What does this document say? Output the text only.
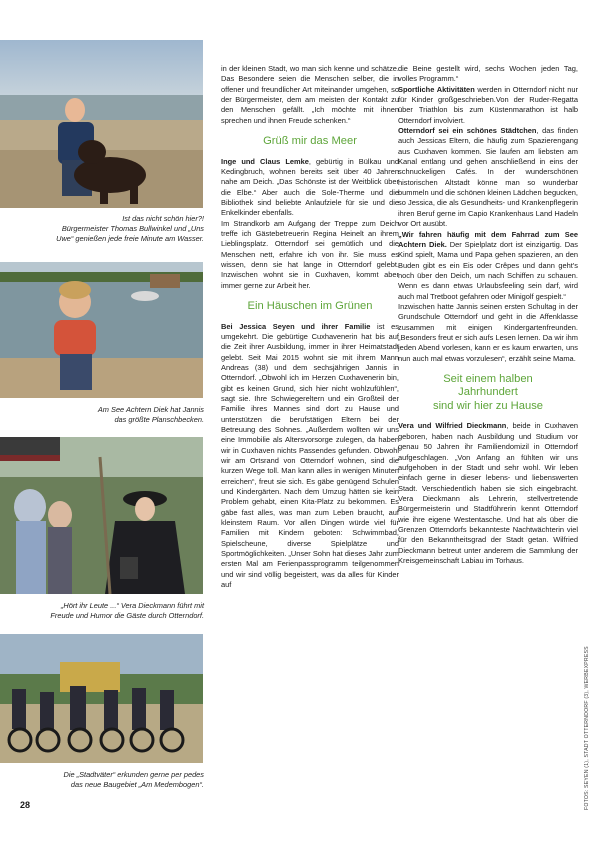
Ist das nicht schön hier?!
Bürgermeister Thomas Bullwinkel und „Uns
Uwe“ genießen jede freie Minute am Wasser.
Am See Achtern Diek hat Jannis
das größte Planschbecken.
„Hört ihr Leute ...“ Vera Dieckmann führt mit
Freude und Humor die Gäste durch Otterndorf.
Die „Stadtväter“ erkunden gerne per pedes
das neue Baugebiet „Am Medembogen“.

in der kleinen Stadt, wo man sich kenne und schätze. Das Besondere seien die Menschen selber, die in offener und freundlicher Art miteinander umgehen, so der Bürgermeister, dem am meisten der Kontakt zu den Menschen gefällt. „Ich möchte mit ihnen sprechen und ihnen Freude schenken.“

Grüß mir das Meer

Inge und Claus Lemke, gebürtig in Bülkau und Kedingbruch, wohnen bereits seit über 40 Jahren nahe am Deich. „Das Schönste ist der Weitblick über die Elbe.“ Aber auch die Sole-Therme und die Bibliothek sind beliebte Anlaufziele für sie und die Enkelkinder ebenfalls.

Im Strandkorb am Aufgang der Treppe zum Deich treffe ich Gästebetreuerin Regina Heinelt an ihrem Lieblingsplatz. Otterndorf sei gemütlich und die Menschen nett, erfahre ich von ihr. Sie muss es wissen, denn sie hat lange in Otterndorf gelebt. Inzwischen wohnt sie in Cuxhaven, kommt aber immer gerne zur Arbeit her.

Ein Häuschen im Grünen

Bei Jessica Seyen und ihrer Familie ist es umgekehrt. Die gebürtige Cuxhavenerin hat bis auf die Zeit ihrer Ausbildung, immer in ihrer Heimatstadt gelebt. Seit Mai 2015 wohnt sie mit ihrem Mann Andreas (38) und dem sechsjährigen Jannis in Otterndorf. „Obwohl ich im Herzen Cuxhavenerin bin, gibt es keinen Grund, sich hier nicht wohlzufühlen“, sagt sie. Ihre Schwiegereltern und ein Großteil der Familie ihres Mannes sind dort zu Hause und unterstützen die berufstätigen Eltern bei der Betreuung des Sohnes. „Außerdem wollten wir uns eine Immobilie als Altersvorsorge zulegen, da haben wir in Cuxhaven nichts Passendes gefunden. Obwohl wir am Ortsrand von Otterndorf wohnen, sind die kurzen Wege toll. Man kann alles in wenigen Minuten erreichen“, freut sie sich. Es gäbe genügend Schulen und Kindergärten. Nach dem Umzug hätten sie kein Problem gehabt, einen Kita-Platz zu bekommen. Es gäbe fast alles, was man zum Leben braucht, auf kleinstem Raum. Vor allen Dingen würde viel für Familien mit Kindern geboten: Schwimmbad, Spielscheune, diverse Spielplätze und Sportmöglichkeiten. „Unser Sohn hat dieses Jahr zum ersten Mal am Ferienpassprogramm teilgenommen und wir sind völlig begeistert, was da alles für Kinder auf

die Beine gestellt wird, sechs Wochen jeden Tag, volles Programm.“

Sportliche Aktivitäten werden in Otterndorf nicht nur für Kinder großgeschrieben.Von der Ruder-Regatta über Triathlon bis zum Küstenmarathon ist halb Otterndorf involviert.

Otterndorf sei ein schönes Städtchen, das finden auch Jessicas Eltern, die häufig zum Spazierengang aus Cuxhaven kommen. Sie laufen am liebsten am Kanal entlang und gehen anschließend in eins der schnuckeligen Cafés. In der wunderschönen historischen Altstadt könne man so wunderbar bummeln und die schönen kleinen Lädchen begucken, so Jessica, die als Gesundheits- und Krankenpflegerin ihren Beruf gerne im Capio Krankenhaus Land Hadeln vor Ort ausübt.

„Wir fahren häufig mit dem Fahrrad zum See Achtern Diek. Der Spielplatz dort ist einzigartig. Das Kind spielt, Mama und Papa gehen spazieren, an den Buden gibt es ein Eis oder Crêpes und dann geht's noch über den Deich, um nach Schiffen zu schauen. Wenn es dann etwas Urlaubsfeeling sein darf, wird auch mal Tretboot gefahren oder Minigolf gespielt.“

Inzwischen hatte Jannis seinen ersten Schultag in der Grundschule Otterndorf und geht in die Affenklasse zusammen mit einigen Kindergartenfreunden. „Besonders freut er sich aufs Lesen lernen. Da wir ihm jeden Abend vorlesen, kann er es kaum erwarten, uns nun auch mal etwas vorzulesen“, erzählt seine Mama.

Seit einem halben
Jahrhundert
sind wir hier zu Hause

Vera und Wilfried Dieckmann, beide in Cuxhaven geboren, haben nach Ausbildung und Studium vor genau 50 Jahren ihr Familiendomizil in Otterndorf aufgeschlagen. „Von Anfang an fühlten wir uns aufgehoben in der Stadt und sehr wohl. Wir leben einfach gerne in dieser lebens- und liebenswerten Stadt. Verschiedentlich haben sie sich eingebracht. Vera Dieckmann als Lehrerin, stellvertretende Bürgermeisterin und Stadtführerin kennt Otterndorf wie ihre eigene Westentasche. Und hat als über die Grenzen Otterndorfs bekannteste Nachtwächterin viel für den Bekanntheitsgrad der Stadt getan. Wilfried Dieckmann betreut unter anderem die Sammlung der Kreisgemeinschaft Labiau im Torhaus.

28	FOTOS: SEYEN (1), STADT OTTERNDORF (3), WERBEXPRESS
